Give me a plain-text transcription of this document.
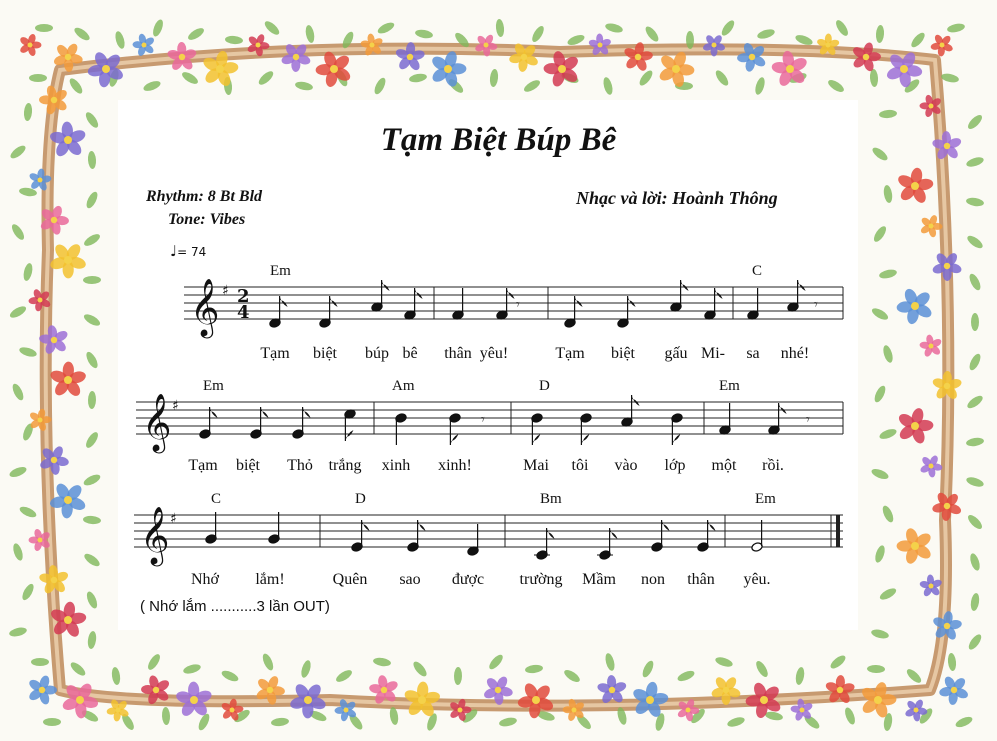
Tạm Biệt Búp Bê
Rhythm: 8 Bt Bld
Tone: Vibes
Nhạc và lời: Hoành Thông
♩= 74
𝄞 ♯ 2
4	𝄾	𝄾
Em	C
Tạm biệt búp bê thân yêu!	Tạm biệt gấu Mi- sa nhé!
𝄞 ♯
𝄾	𝄾
Em	Am	D	Em
Tạm biệt Thỏ trắng xinh xinh!	Mai tôi vào lớp một rồi.
𝄞 ♯
C	D	Bm	Em
Nhớ lắm!	Quên sao được trường Mầm non thân yêu.
( Nhớ lắm ...........3 lần OUT)
